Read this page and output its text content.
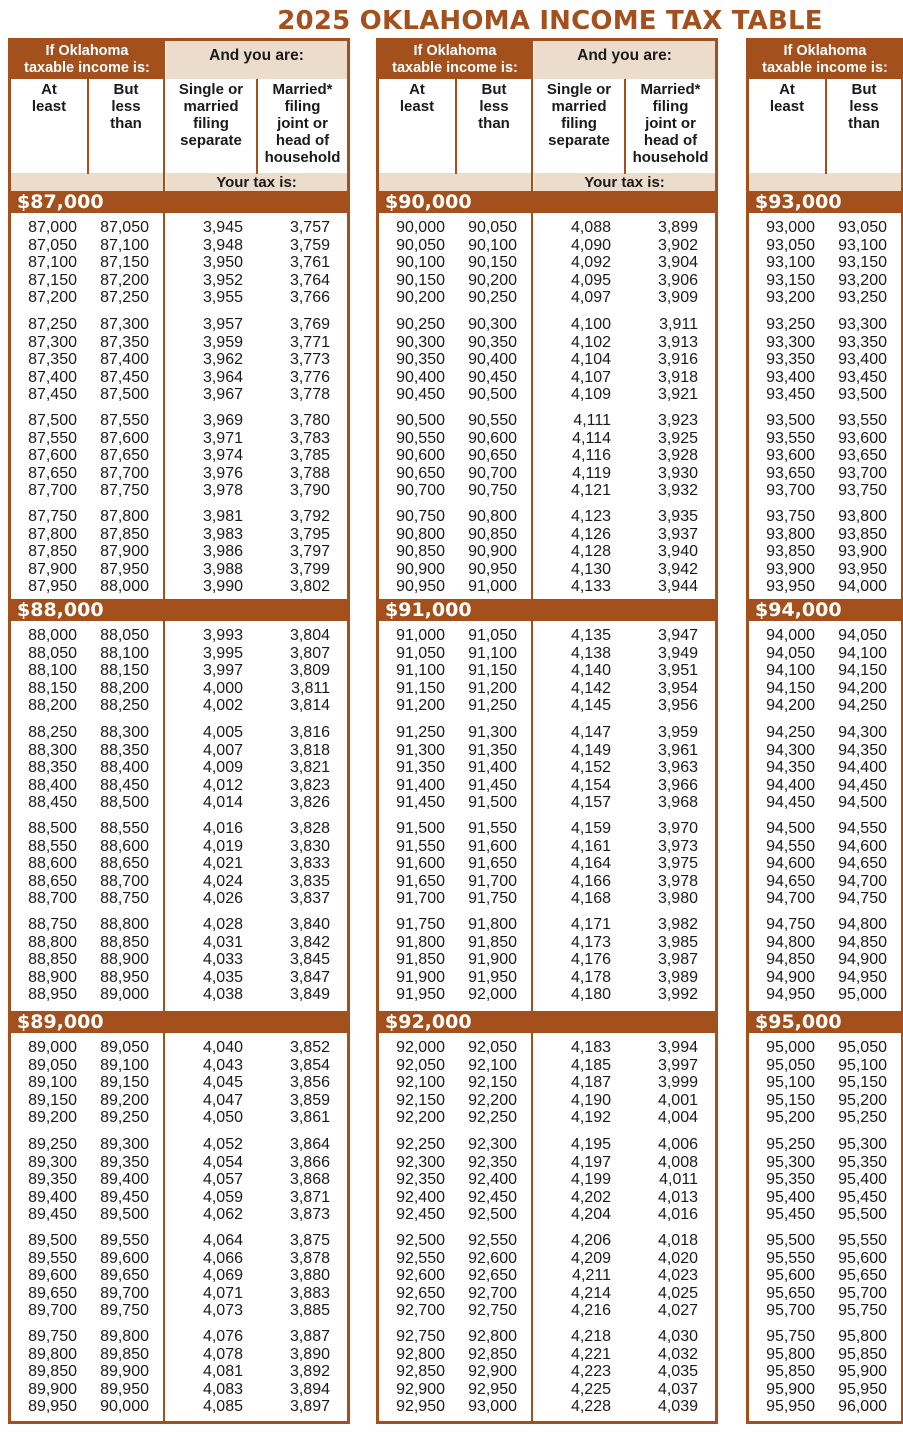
2025 OKLAHOMA INCOME TAX TABLE
If Oklahoma
taxable income is:
At
least
But
less
than
And you are:
Single or
married
filing
separate
Married*
filing
joint or
head of
household
Your tax is:
$87,000
87,000 87,050	3,945	3,757
87,050 87,100	3,948	3,759
87,100 87,150	3,950	3,761
87,150 87,200	3,952	3,764
87,200 87,250	3,955	3,766
87,250 87,300	3,957	3,769
87,300 87,350	3,959	3,771
87,350 87,400	3,962	3,773
87,400 87,450	3,964	3,776
87,450 87,500	3,967	3,778
87,500 87,550	3,969	3,780
87,550 87,600	3,971	3,783
87,600 87,650	3,974	3,785
87,650 87,700	3,976	3,788
87,700 87,750	3,978	3,790
87,750 87,800	3,981	3,792
87,800 87,850	3,983	3,795
87,850 87,900	3,986	3,797
87,900 87,950	3,988	3,799
87,950 88,000	3,990	3,802
$88,000
88,000 88,050	3,993	3,804
88,050 88,100	3,995	3,807
88,100 88,150	3,997	3,809
88,150 88,200	4,000	3,811
88,200 88,250	4,002	3,814
88,250 88,300	4,005	3,816
88,300 88,350	4,007	3,818
88,350 88,400	4,009	3,821
88,400 88,450	4,012	3,823
88,450 88,500	4,014	3,826
88,500 88,550	4,016	3,828
88,550 88,600	4,019	3,830
88,600 88,650	4,021	3,833
88,650 88,700	4,024	3,835
88,700 88,750	4,026	3,837
88,750 88,800	4,028	3,840
88,800 88,850	4,031	3,842
88,850 88,900	4,033	3,845
88,900 88,950	4,035	3,847
88,950 89,000	4,038	3,849
$89,000
89,000 89,050	4,040	3,852
89,050 89,100	4,043	3,854
89,100 89,150	4,045	3,856
89,150 89,200	4,047	3,859
89,200 89,250	4,050	3,861
89,250 89,300	4,052	3,864
89,300 89,350	4,054	3,866
89,350 89,400	4,057	3,868
89,400 89,450	4,059	3,871
89,450 89,500	4,062	3,873
89,500 89,550	4,064	3,875
89,550 89,600	4,066	3,878
89,600 89,650	4,069	3,880
89,650 89,700	4,071	3,883
89,700 89,750	4,073	3,885
89,750 89,800	4,076	3,887
89,800 89,850	4,078	3,890
89,850 89,900	4,081	3,892
89,900 89,950	4,083	3,894
89,950 90,000	4,085	3,897
If Oklahoma
taxable income is:
At
least
But
less
than
And you are:
Single or
married
filing
separate
Married*
filing
joint or
head of
household
Your tax is:
$90,000
90,000 90,050	4,088	3,899
90,050 90,100	4,090	3,902
90,100 90,150	4,092	3,904
90,150 90,200	4,095	3,906
90,200 90,250	4,097	3,909
90,250 90,300	4,100	3,911
90,300 90,350	4,102	3,913
90,350 90,400	4,104	3,916
90,400 90,450	4,107	3,918
90,450 90,500	4,109	3,921
90,500 90,550	4,111	3,923
90,550 90,600	4,114	3,925
90,600 90,650	4,116	3,928
90,650 90,700	4,119	3,930
90,700 90,750	4,121	3,932
90,750 90,800	4,123	3,935
90,800 90,850	4,126	3,937
90,850 90,900	4,128	3,940
90,900 90,950	4,130	3,942
90,950 91,000	4,133	3,944
$91,000
91,000 91,050	4,135	3,947
91,050 91,100	4,138	3,949
91,100 91,150	4,140	3,951
91,150 91,200	4,142	3,954
91,200 91,250	4,145	3,956
91,250 91,300	4,147	3,959
91,300 91,350	4,149	3,961
91,350 91,400	4,152	3,963
91,400 91,450	4,154	3,966
91,450 91,500	4,157	3,968
91,500 91,550	4,159	3,970
91,550 91,600	4,161	3,973
91,600 91,650	4,164	3,975
91,650 91,700	4,166	3,978
91,700 91,750	4,168	3,980
91,750 91,800	4,171	3,982
91,800 91,850	4,173	3,985
91,850 91,900	4,176	3,987
91,900 91,950	4,178	3,989
91,950 92,000	4,180	3,992
$92,000
92,000 92,050	4,183	3,994
92,050 92,100	4,185	3,997
92,100 92,150	4,187	3,999
92,150 92,200	4,190	4,001
92,200 92,250	4,192	4,004
92,250 92,300	4,195	4,006
92,300 92,350	4,197	4,008
92,350 92,400	4,199	4,011
92,400 92,450	4,202	4,013
92,450 92,500	4,204	4,016
92,500 92,550	4,206	4,018
92,550 92,600	4,209	4,020
92,600 92,650	4,211	4,023
92,650 92,700	4,214	4,025
92,700 92,750	4,216	4,027
92,750 92,800	4,218	4,030
92,800 92,850	4,221	4,032
92,850 92,900	4,223	4,035
92,900 92,950	4,225	4,037
92,950 93,000	4,228	4,039
If Oklahoma
taxable income is:
At
least
But
less
than
$93,000
93,000 93,050
93,050 93,100
93,100 93,150
93,150 93,200
93,200 93,250
93,250 93,300
93,300 93,350
93,350 93,400
93,400 93,450
93,450 93,500
93,500 93,550
93,550 93,600
93,600 93,650
93,650 93,700
93,700 93,750
93,750 93,800
93,800 93,850
93,850 93,900
93,900 93,950
93,950 94,000
$94,000
94,000 94,050
94,050 94,100
94,100 94,150
94,150 94,200
94,200 94,250
94,250 94,300
94,300 94,350
94,350 94,400
94,400 94,450
94,450 94,500
94,500 94,550
94,550 94,600
94,600 94,650
94,650 94,700
94,700 94,750
94,750 94,800
94,800 94,850
94,850 94,900
94,900 94,950
94,950 95,000
$95,000
95,000 95,050
95,050 95,100
95,100 95,150
95,150 95,200
95,200 95,250
95,250 95,300
95,300 95,350
95,350 95,400
95,400 95,450
95,450 95,500
95,500 95,550
95,550 95,600
95,600 95,650
95,650 95,700
95,700 95,750
95,750 95,800
95,800 95,850
95,850 95,900
95,900 95,950
95,950 96,000
